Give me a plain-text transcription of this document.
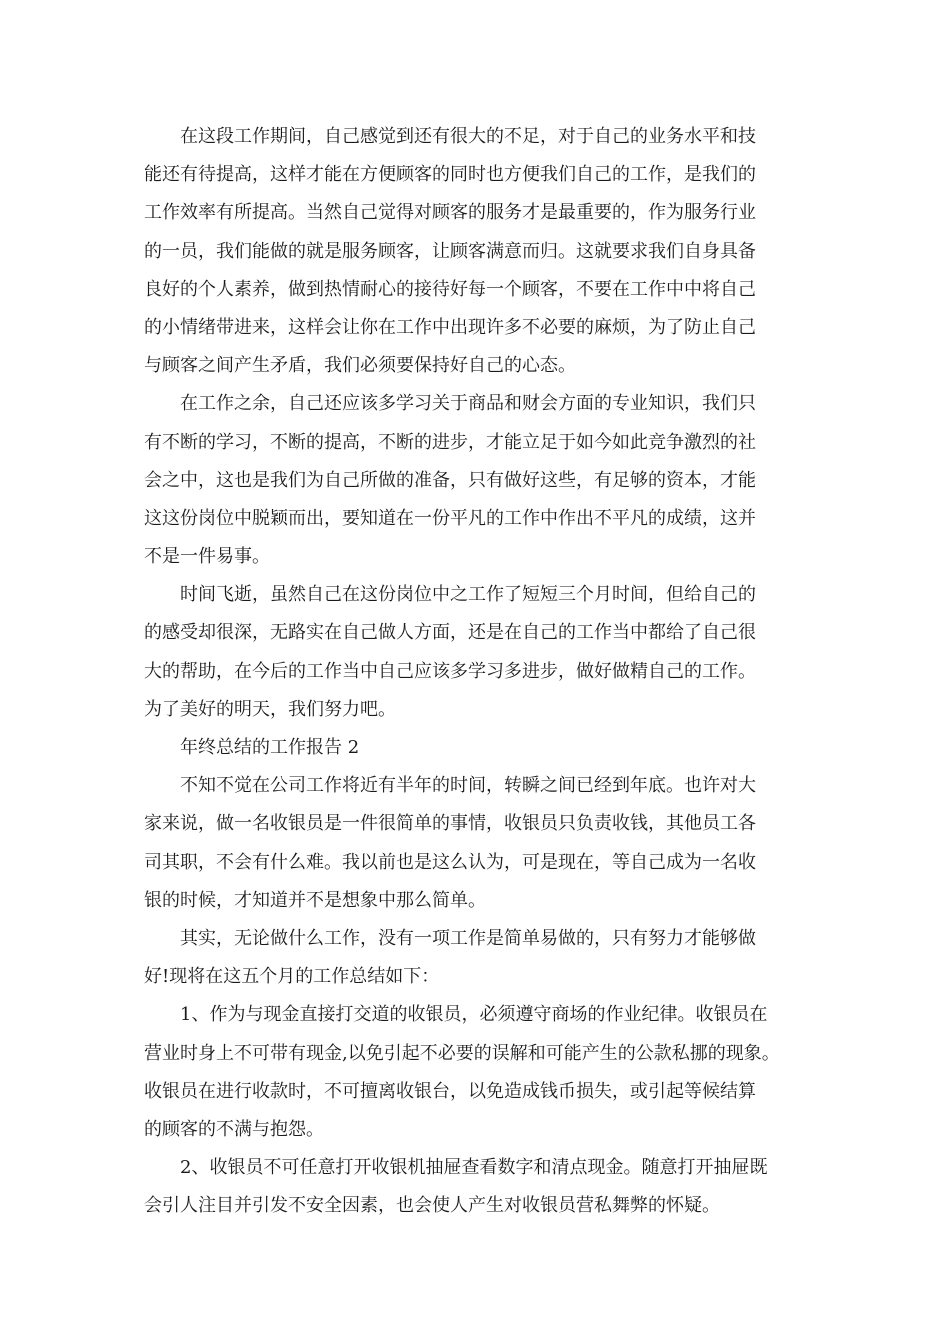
在这段工作期间，自己感觉到还有很大的不足，对于自己的业务水平和技
能还有待提高，这样才能在方便顾客的同时也方便我们自己的工作，是我们的
工作效率有所提高。当然自己觉得对顾客的服务才是最重要的，作为服务行业
的一员，我们能做的就是服务顾客，让顾客满意而归。这就要求我们自身具备
良好的个人素养，做到热情耐心的接待好每一个顾客，不要在工作中中将自己
的小情绪带进来，这样会让你在工作中出现许多不必要的麻烦，为了防止自己
与顾客之间产生矛盾，我们必须要保持好自己的心态。
在工作之余，自己还应该多学习关于商品和财会方面的专业知识，我们只
有不断的学习，不断的提高，不断的进步，才能立足于如今如此竞争激烈的社
会之中，这也是我们为自己所做的准备，只有做好这些，有足够的资本，才能
这这份岗位中脱颖而出，要知道在一份平凡的工作中作出不平凡的成绩，这并
不是一件易事。
时间飞逝，虽然自己在这份岗位中之工作了短短三个月时间，但给自己的
的感受却很深，无路实在自己做人方面，还是在自己的工作当中都给了自己很
大的帮助，在今后的工作当中自己应该多学习多进步，做好做精自己的工作。
为了美好的明天，我们努力吧。
年终总结的工作报告 2
不知不觉在公司工作将近有半年的时间，转瞬之间已经到年底。也许对大
家来说，做一名收银员是一件很简单的事情，收银员只负责收钱，其他员工各
司其职，不会有什么难。我以前也是这么认为，可是现在，等自己成为一名收
银的时候，才知道并不是想象中那么简单。
其实，无论做什么工作，没有一项工作是简单易做的，只有努力才能够做
好!现将在这五个月的工作总结如下：
1、作为与现金直接打交道的收银员，必须遵守商场的作业纪律。收银员在
营业时身上不可带有现金,以免引起不必要的误解和可能产生的公款私挪的现象。
收银员在进行收款时，不可擅离收银台，以免造成钱币损失，或引起等候结算
的顾客的不满与抱怨。
2、收银员不可任意打开收银机抽屉查看数字和清点现金。随意打开抽屉既
会引人注目并引发不安全因素，也会使人产生对收银员营私舞弊的怀疑。
